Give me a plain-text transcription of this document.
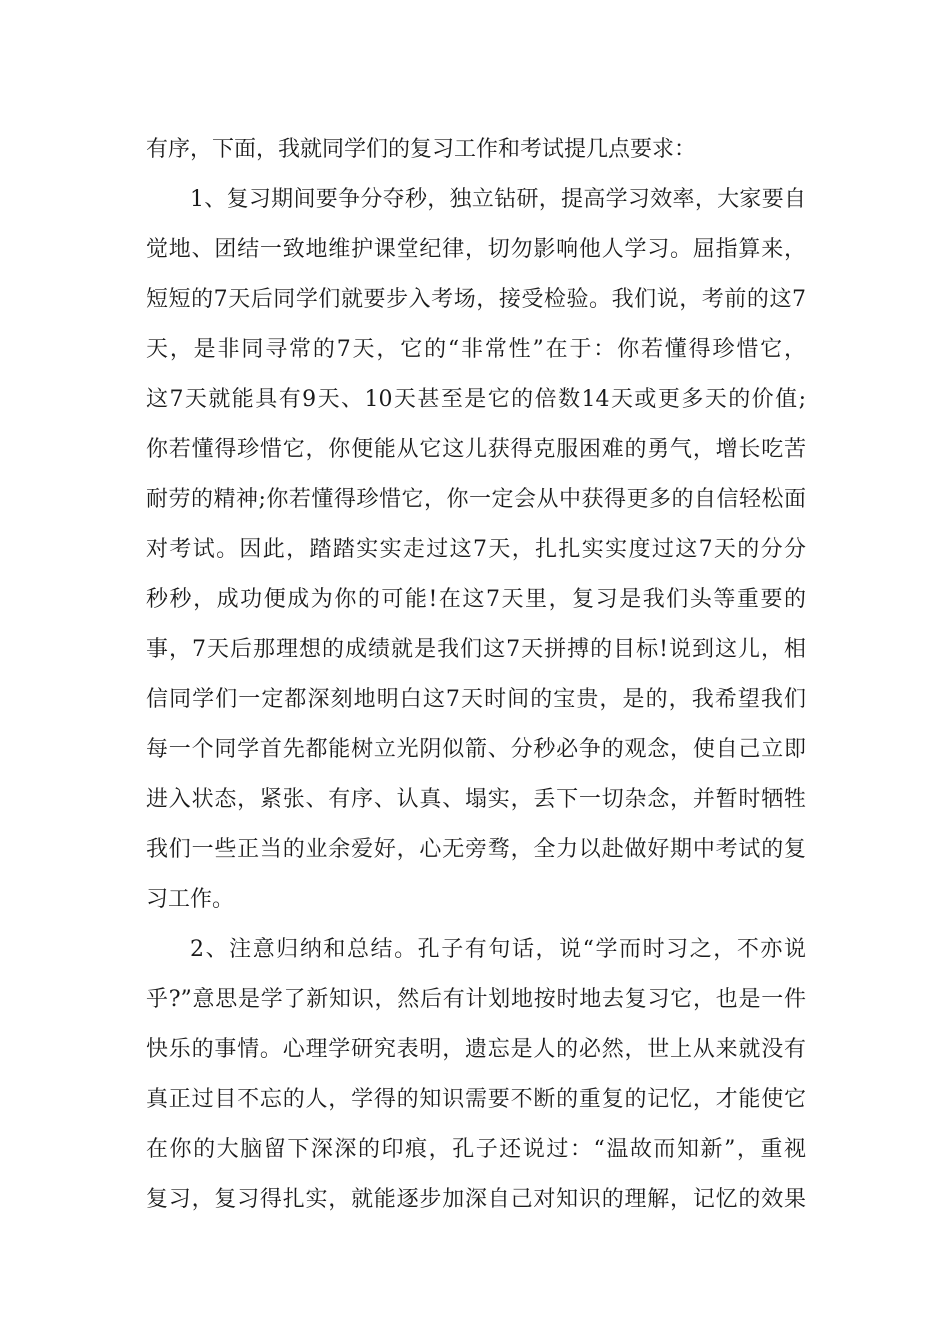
有序，下面，我就同学们的复习工作和考试提几点要求：
1、复习期间要争分夺秒，独立钻研，提高学习效率，大家要自
觉地、团结一致地维护课堂纪律，切勿影响他人学习。屈指算来，
短短的7天后同学们就要步入考场，接受检验。我们说，考前的这7
天，是非同寻常的7天，它的“非常性”在于：你若懂得珍惜它，
这7天就能具有9天、10天甚至是它的倍数14天或更多天的价值;
你若懂得珍惜它，你便能从它这儿获得克服困难的勇气，增长吃苦
耐劳的精神;你若懂得珍惜它，你一定会从中获得更多的自信轻松面
对考试。因此，踏踏实实走过这7天，扎扎实实度过这7天的分分
秒秒，成功便成为你的可能!在这7天里，复习是我们头等重要的
事，7天后那理想的成绩就是我们这7天拼搏的目标!说到这儿，相
信同学们一定都深刻地明白这7天时间的宝贵，是的，我希望我们
每一个同学首先都能树立光阴似箭、分秒必争的观念，使自己立即
进入状态，紧张、有序、认真、塌实，丢下一切杂念，并暂时牺牲
我们一些正当的业余爱好，心无旁骛，全力以赴做好期中考试的复
习工作。
2、注意归纳和总结。孔子有句话，说“学而时习之，不亦说
乎?”意思是学了新知识，然后有计划地按时地去复习它，也是一件
快乐的事情。心理学研究表明，遗忘是人的必然，世上从来就没有
真正过目不忘的人，学得的知识需要不断的重复的记忆，才能使它
在你的大脑留下深深的印痕，孔子还说过：“温故而知新”，重视
复习，复习得扎实，就能逐步加深自己对知识的理解，记忆的效果
